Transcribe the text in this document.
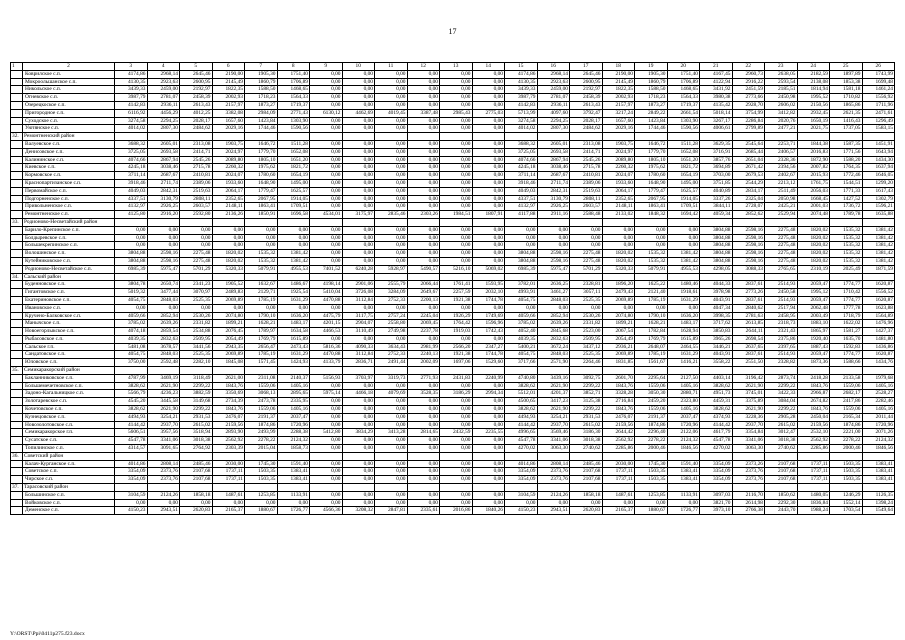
17
1	2	3	4	5	6	7	8	9	10	11	12	13	14	15	16	17	18	19	20	21	22	23	24	25	26
	Коврилское с.п.	4174,86	2968,14	2645,46	2190,00	1905,30	1751,40	0,00	0,00	0,00	0,00	0,00	0,00	4174,86	2968,14	2645,46	2190,00	1905,30	1751,40	4167,45	2960,73	2638,05	2182,59	1897,89	1743,99
	Мокроольшанское с.п.	4130,35	2923,63	2600,95	2145,49	1860,79	1706,89	0,00	0,00	0,00	0,00	0,00	0,00	4130,35	2923,63	2600,95	2145,49	1860,79	1706,89	4122,94	2916,22	2593,54	2138,08	1853,38	1699,48
	Никольское с.п.	3439,33	2459,00	2192,97	1822,35	1588,50	1468,65	0,00	0,00	0,00	0,00	0,00	0,00	3439,33	2459,00	2192,97	1822,35	1588,50	1468,65	3431,92	2451,59	2185,51	1814,94	1581,18	1461,24
	Огневское с.п.	3987,79	2781,07	2458,39	2002,93	1718,23	1564,33	0,00	0,00	0,00	0,00	0,00	0,00	3987,79	2781,07	2458,39	2002,93	1718,23	1564,33	3980,38	2773,66	2450,98	1995,52	1710,82	1556,92
	Озерецкоское с.п.	4142,83	2936,11	2613,43	2157,97	1873,27	1719,37	0,00	0,00	0,00	0,00	0,00	0,00	4142,83	2936,11	2613,43	2157,97	1873,27	1719,37	4135,42	2928,70	2606,02	2150,56	1865,86	1711,96
	Пригородное с.п.	6116,92	4456,29	4012,25	3382,08	2984,09	2771,43	6130,12	4462,69	4019,45	3387,48	2985,43	2775,03	5713,99	4097,60	3792,47	3217,24	2849,22	2661,54	5018,14	3754,99	3412,82	2932,45	2621,35	2471,61
	Суходское с.п.	3274,58	2294,25	2028,17	1657,60	1423,84	1303,90	0,00	0,00	0,00	0,00	0,00	0,00	3274,58	2294,25	2028,17	1657,60	1423,84	1303,90	3267,17	2286,84	2020,76	1650,19	1416,43	1296,49
	Уютянское с.п.	4014,02	2807,30	2484,62	2029,16	1744,46	1590,56	0,00	0,00	0,00	0,00	0,00	0,00	4014,02	2807,30	2484,62	2029,16	1744,46	1590,56	4006,61	2799,89	2477,21	2021,75	1737,05	1583,15
32.	Ремонтненский район																								
	Валуевское с.п.	3688,32	2605,01	2313,08	1903,75	1646,72	1511,28	0,00	0,00	0,00	0,00	0,00	0,00	3688,32	2605,01	2313,08	1903,75	1646,72	1511,28	3629,35	2545,64	2253,71	1844,38	1587,35	1451,91
	Денисовское с.п.	3725,05	2693,58	2414,71	2024,97	1779,70	1652,08	0,00	0,00	0,00	0,00	0,00	0,00	3725,05	2693,58	2414,71	2024,97	1779,70	1652,08	3716,91	2685,44	2406,57	2016,83	1771,56	1643,94
	Калининское с.п.	4074,66	2867,94	2545,26	2089,80	1805,10	1651,20	0,00	0,00	0,00	0,00	0,00	0,00	4074,66	2867,94	2545,26	2089,80	1805,10	1651,20	3857,76	2651,04	2328,36	1872,90	1588,20	1434,30
	Киевское с.п.	4245,18	3038,46	2715,78	2260,32	1975,62	1821,72	0,00	0,00	0,00	0,00	0,00	0,00	4245,18	3038,46	2715,78	2260,32	1975,62	1821,72	3694,89	2671,42	2394,56	2007,82	1764,35	1637,94
	Кормовское с.п.	3711,14	2687,67	2410,81	2024,07	1780,60	1654,19	0,00	0,00	0,00	0,00	0,00	0,00	3711,14	2687,67	2410,81	2024,07	1780,60	1654,19	3703,00	2679,53	2402,67	2015,93	1772,46	1646,05
	Краснопартизанское с.п.	3918,46	2711,74	2389,06	1933,60	1648,90	1495,00	0,00	0,00	0,00	0,00	0,00	0,00	3918,46	2711,74	2389,06	1933,60	1648,90	1495,00	3751,85	2544,29	2213,12	1761,75	1544,51	1299,20
	Первомайское с.п.	4049,03	2842,31	2519,63	2064,17	1779,47	1625,57	0,00	0,00	0,00	0,00	0,00	0,00	4049,03	2842,31	2519,63	2064,17	1779,47	1625,57	4040,89	2834,17	2511,49	2056,03	1771,33	1617,43
	Подгорненское с.п.	4337,51	3130,79	2808,11	2352,65	2067,95	1914,05	0,00	0,00	0,00	0,00	0,00	0,00	4337,51	3130,79	2808,11	2352,65	2067,95	1914,05	3337,26	2325,04	2050,98	1668,45	1427,52	1302,79
	Привольненское с.п.	4132,97	2926,25	2603,57	2148,11	1863,41	1709,51	0,00	0,00	0,00	0,00	0,00	0,00	4132,97	2926,25	2603,57	2148,11	1863,41	1709,51	3844,11	2728,07	2425,21	2001,03	1736,72	1596,21
	Ремонтненское с.п.	4125,80	2916,20	2592,80	2136,26	1850,91	1696,58	4534,01	3175,97	2835,46	2303,26	1984,51	1807,91	4117,88	2911,16	2588,48	2133,02	1848,32	1694,42	4059,34	2852,62	2529,94	2074,48	1789,78	1635,88
33.	Родионово-Несветайский район																								
	Барило-Крепинское с.п.	0,00	0,00	0,00	0,00	0,00	0,00	0,00	0,00	0,00	0,00	0,00	0,00	0,00	0,00	0,00	0,00	0,00	0,00	3804,88	2598,16	2275,48	1820,02	1535,32	1381,42
	Болдыревское с.п.	0,00	0,00	0,00	0,00	0,00	0,00	0,00	0,00	0,00	0,00	0,00	0,00	0,00	0,00	0,00	0,00	0,00	0,00	3804,88	2598,16	2275,48	1820,02	1535,32	1381,42
	Большекрепинское с.п.	0,00	0,00	0,00	0,00	0,00	0,00	0,00	0,00	0,00	0,00	0,00	0,00	0,00	0,00	0,00	0,00	0,00	0,00	3804,88	2598,16	2275,48	1820,02	1535,32	1381,42
	Волошинское с.п.	3804,88	2598,16	2275,48	1820,02	1535,32	1381,42	0,00	0,00	0,00	0,00	0,00	0,00	3804,88	2598,16	2275,48	1820,02	1535,32	1381,42	3804,88	2598,16	2275,48	1820,02	1535,32	1381,42
	Кутейниковское с.п.	3804,88	2598,16	2275,48	1820,02	1535,32	1381,42	0,00	0,00	0,00	0,00	0,00	0,00	3804,88	2598,16	2275,48	1820,02	1535,32	1381,42	3804,88	2598,16	2275,48	1820,02	1535,32	1381,42
	Родионово-Несветайское с.п.	6985,39	5975,47	5701,29	5320,33	5079,91	4955,53	7401,52	6240,28	5928,97	5490,57	5216,10	5069,02	6985,39	5975,47	5701,29	5320,33	5079,91	4955,53	4298,05	3088,33	2765,65	2310,19	2025,49	1871,59
34.	Сальский район																								
	Буденновское с.п.	3804,78	2650,74	2341,23	1905,52	1632,67	1486,67	4198,14	2901,06	2555,79	2066,44	1761,41	1593,95	3782,01	2636,25	2328,81	1896,20	1625,22	1480,46	4044,33	2837,61	2514,93	2059,47	1774,77	1620,87
	Гигантовское с.п.	5019,32	3477,44	3070,97	2489,83	2129,71	1925,54	5410,04	3726,08	3284,09	2649,67	2257,59	2032,10	4993,91	3461,27	3057,11	2479,43	2121,40	1918,61	3978,98	2773,26	2450,58	1995,12	1710,42	1556,52
	Екатериновское с.п.	4054,75	2848,03	2525,35	2069,89	1785,19	1631,29	4470,88	3112,84	2752,33	2200,13	1921,38	1744,78	4054,75	2848,03	2525,35	2069,89	1785,19	1631,29	4043,91	2837,61	2514,93	2059,47	1774,77	1620,87
	Ивановское с.п.	0,00	0,00	0,00	0,00	0,00	0,00	0,00	0,00	0,00	0,00	0,00	0,00	0,00	0,00	0,00	0,00	0,00	0,00	4047,34	2840,62	2517,94	2062,48	1777,78	1623,88
	Кручено-Балковское с.п.	4059,66	2852,94	2530,26	2074,80	1790,10	1636,20	4475,79	3117,75	2757,24	2245,04	1926,29	1749,69	4059,66	2852,94	2530,26	2074,80	1790,10	1636,20	3998,35	2781,63	2458,95	2003,49	1718,79	1564,89
	Манычское с.п.	3785,02	2639,26	2331,82	1899,21	1628,21	1483,17	4201,15	2904,07	2558,80	2069,45	1764,42	1596,96	3785,02	2639,26	2331,82	1899,21	1628,21	1483,17	3717,62	2613,85	2318,73	1883,10	1622,02	1476,96
	Новоегорлыкское с.п.	4074,18	2859,54	2534,88	2076,45	1789,97	1634,58	4466,53	3110,49	2749,98	2237,78	1919,03	1742,43	4052,40	2845,68	2523,00	2067,54	1782,84	1628,94	3850,83	2644,11	2321,43	1865,97	1581,27	1427,37
	Рыбасовское с.п.	4039,35	2832,63	2509,95	2054,49	1769,79	1615,89	0,00	0,00	0,00	0,00	0,00	0,00	4039,35	2832,63	2509,95	2054,49	1769,79	1615,89	3965,26	2698,54	2375,86	1920,40	1635,70	1481,80
	Сальское г.п.	5481,08	3678,57	3441,56	2943,35	2656,47	2473,43	5816,36	4090,33	3634,43	2981,99	2566,20	2347,27	5400,21	3672,24	3437,12	2936,21	2648,07	2464,55	3446,21	2637,65	2397,65	1887,43	1592,83	1436,86
	Сандатовское с.п.	4054,75	2848,03	2525,35	2069,89	1785,19	1631,29	4470,88	3112,84	2752,33	2240,13	1921,38	1744,78	4054,75	2848,03	2525,35	2069,89	1785,19	1631,29	4043,91	2837,61	2514,93	2059,47	1774,77	1620,87
	Юловское с.п.	3750,00	2592,48	2282,10	1845,08	1571,45	1424,93	4133,79	2836,71	2491,44	2002,09	1697,06	1529,60	3717,66	2571,90	2264,46	1831,85	1561,67	1416,21	3558,22	2551,50	2328,82	1873,36	1588,66	1434,76
35.	Семикаракорский район																								
	Бакланниковское с.п.	4787,99	3469,19	3118,49	2621,00	2311,08	2140,37	5156,93	3703,97	3319,73	2771,93	2431,83	2240,99	4740,80	3439,16	3092,75	2601,70	2295,64	2127,50	4403,14	3196,42	2873,74	2418,28	2133,58	1979,68
	Большемечетновское с.п.	3828,62	2621,90	2299,22	1843,76	1559,06	1405,16	0,00	0,00	0,00	0,00	0,00	0,00	3828,62	2621,90	2299,22	1843,76	1559,06	1405,16	3828,62	2621,90	2299,22	1843,76	1559,06	1405,16
	Задоно-Кагальницкое с.п.	5566,79	4236,23	3882,59	3350,69	3068,13	2895,65	5975,14	4466,18	4079,69	3528,35	3186,29	2994,34	5512,01	4201,37	3852,71	3328,28	3050,30	2880,71	4951,73	3745,01	3422,33	2966,87	2682,17	2528,27
	Золотаревское с.п.	4545,20	3445,58	3149,68	2734,39	2473,78	2335,95	0,00	0,00	0,00	0,00	0,00	0,00	4500,65	3417,23	3125,38	2716,84	2459,20	2323,80	4459,31	3375,89	3084,04	2674,82	2417,86	2282,46
	Кочетовское с.п.	3828,62	2621,90	2299,22	1843,76	1559,06	1405,16	0,00	0,00	0,00	0,00	0,00	0,00	3828,62	2621,90	2299,22	1843,76	1559,06	1405,16	3828,62	2621,90	2299,22	1843,76	1559,06	1405,16
	Кузнецовское с.п.	4494,93	3254,21	2931,53	2476,07	2191,37	2037,47	0,00	0,00	0,00	0,00	0,00	0,00	4494,93	3254,21	2931,53	2476,07	2191,37	2037,47	4374,93	3228,36	2905,28	2450,04	2165,34	2011,44
	Новозолотовское с.п.	4144,42	2937,70	2615,02	2159,56	1874,86	1720,96	0,00	0,00	0,00	0,00	0,00	0,00	4144,42	2937,70	2615,02	2159,56	1874,86	1720,96	4144,42	2937,70	2615,02	2159,56	1874,86	1720,96
	Семикаракорское г.п.	5606,51	3957,56	3518,94	2893,90	2493,99	2288,38	5412,80	3834,29	3413,28	2814,65	2432,59	2235,55	4996,65	3569,46	3186,30	2644,42	2296,40	2122,06	4617,79	3354,84	3012,47	2532,10	2221,00	2071,26
	Сусатское с.п.	4547,78	3341,06	3018,38	2562,92	2278,22	2124,32	0,00	0,00	0,00	0,00	0,00	0,00	4547,78	3341,06	3018,38	2562,92	2278,22	2124,32	4547,78	3341,06	3018,38	2562,92	2278,22	2124,32
	Топилинское с.п.	4314,57	3091,65	2764,92	2303,39	2015,04	1858,73	0,00	0,00	0,00	0,00	0,00	0,00	4270,02	3063,30	2740,62	2285,86	2000,46	1846,56	4270,02	3063,30	2740,62	2285,86	2000,46	1846,56
36.	Советский район																								
	Калач-Курганское с.п.	4014,86	2808,14	2485,46	2030,00	1745,30	1591,40	0,00	0,00	0,00	0,00	0,00	0,00	4014,86	2808,14	2485,46	2030,00	1745,30	1591,40	3354,09	2373,26	2107,68	1737,11	1503,35	1383,41
	Советское с.п.	3354,09	2373,76	2107,68	1737,11	1503,35	1383,41	0,00	0,00	0,00	0,00	0,00	0,00	3354,09	2373,76	2107,68	1737,11	1503,35	1383,41	3354,09	2373,76	2107,68	1737,11	1503,35	1383,41
	Чирское с.п.	3354,09	2373,76	2107,68	1737,11	1503,35	1383,41	0,00	0,00	0,00	0,00	0,00	0,00	3354,09	2373,76	2107,68	1737,11	1503,35	1383,41	3354,09	2373,76	2107,68	1737,11	1503,35	1383,41
37.	Тарасовский район																								
	Большинское с.п.	3104,59	2124,26	1858,18	1487,61	1253,85	1133,91	0,00	0,00	0,00	0,00	0,00	0,00	3104,59	2124,26	1858,18	1487,61	1253,85	1133,91	3097,03	2116,70	1850,62	1480,05	1246,29	1126,35
	Войковское с.п.	0,00	0,00	0,00	0,00	0,00	0,00	0,00	0,00	0,00	0,00	0,00	0,00	0,00	0,00	0,00	0,00	0,00	0,00	3821,70	2614,98	2292,30	1836,84	1552,14	1398,24
	Деменское с.п.	4150,23	2943,51	2620,83	2165,37	1880,67	1726,77	4566,36	3208,32	2847,81	2335,61	2016,86	1840,26	4150,23	2943,51	2620,83	2165,37	1880,67	1726,77	3973,10	2766,38	2443,70	1988,24	1703,54	1549,64
Y:\ORST\Ppi\0411p275.f23.docx
